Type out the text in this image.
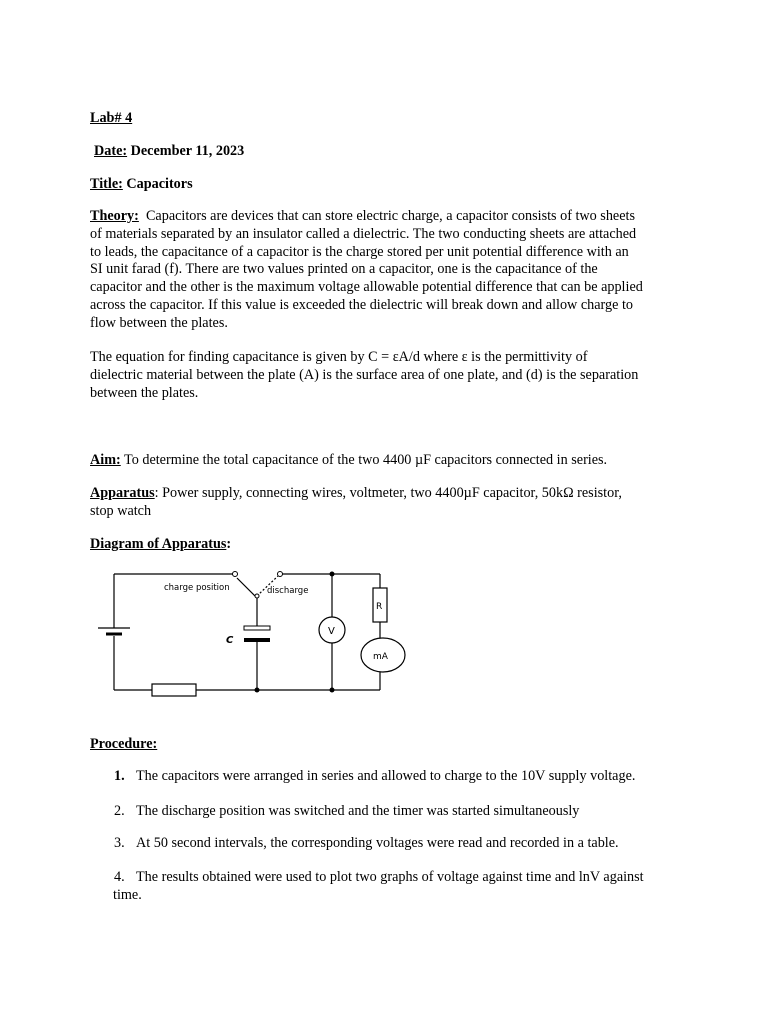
Lab# 4
Date: December 11, 2023
Title: Capacitors
Theory: Capacitors are devices that can store electric charge, a capacitor consists of two sheets
of materials separated by an insulator called a dielectric. The two conducting sheets are attached
to leads, the capacitance of a capacitor is the charge stored per unit potential difference with an
SI unit farad (f). There are two values printed on a capacitor, one is the capacitance of the
capacitor and the other is the maximum voltage allowable potential difference that can be applied
across the capacitor. If this value is exceeded the dielectric will break down and allow charge to
flow between the plates.
The equation for finding capacitance is given by C = εA/d where ε is the permittivity of
dielectric material between the plate (A) is the surface area of one plate, and (d) is the separation
between the plates.
Aim: To determine the total capacitance of the two 4400 µF capacitors connected in series.
Apparatus: Power supply, connecting wires, voltmeter, two 4400µF capacitor, 50kΩ resistor,
stop watch
Diagram of Apparatus:
charge position	discharge
C
V
R
mA
Procedure:
1. The capacitors were arranged in series and allowed to charge to the 10V supply voltage.
2. The discharge position was switched and the timer was started simultaneously
3. At 50 second intervals, the corresponding voltages were read and recorded in a table.
4. The results obtained were used to plot two graphs of voltage against time and lnV against
time.
